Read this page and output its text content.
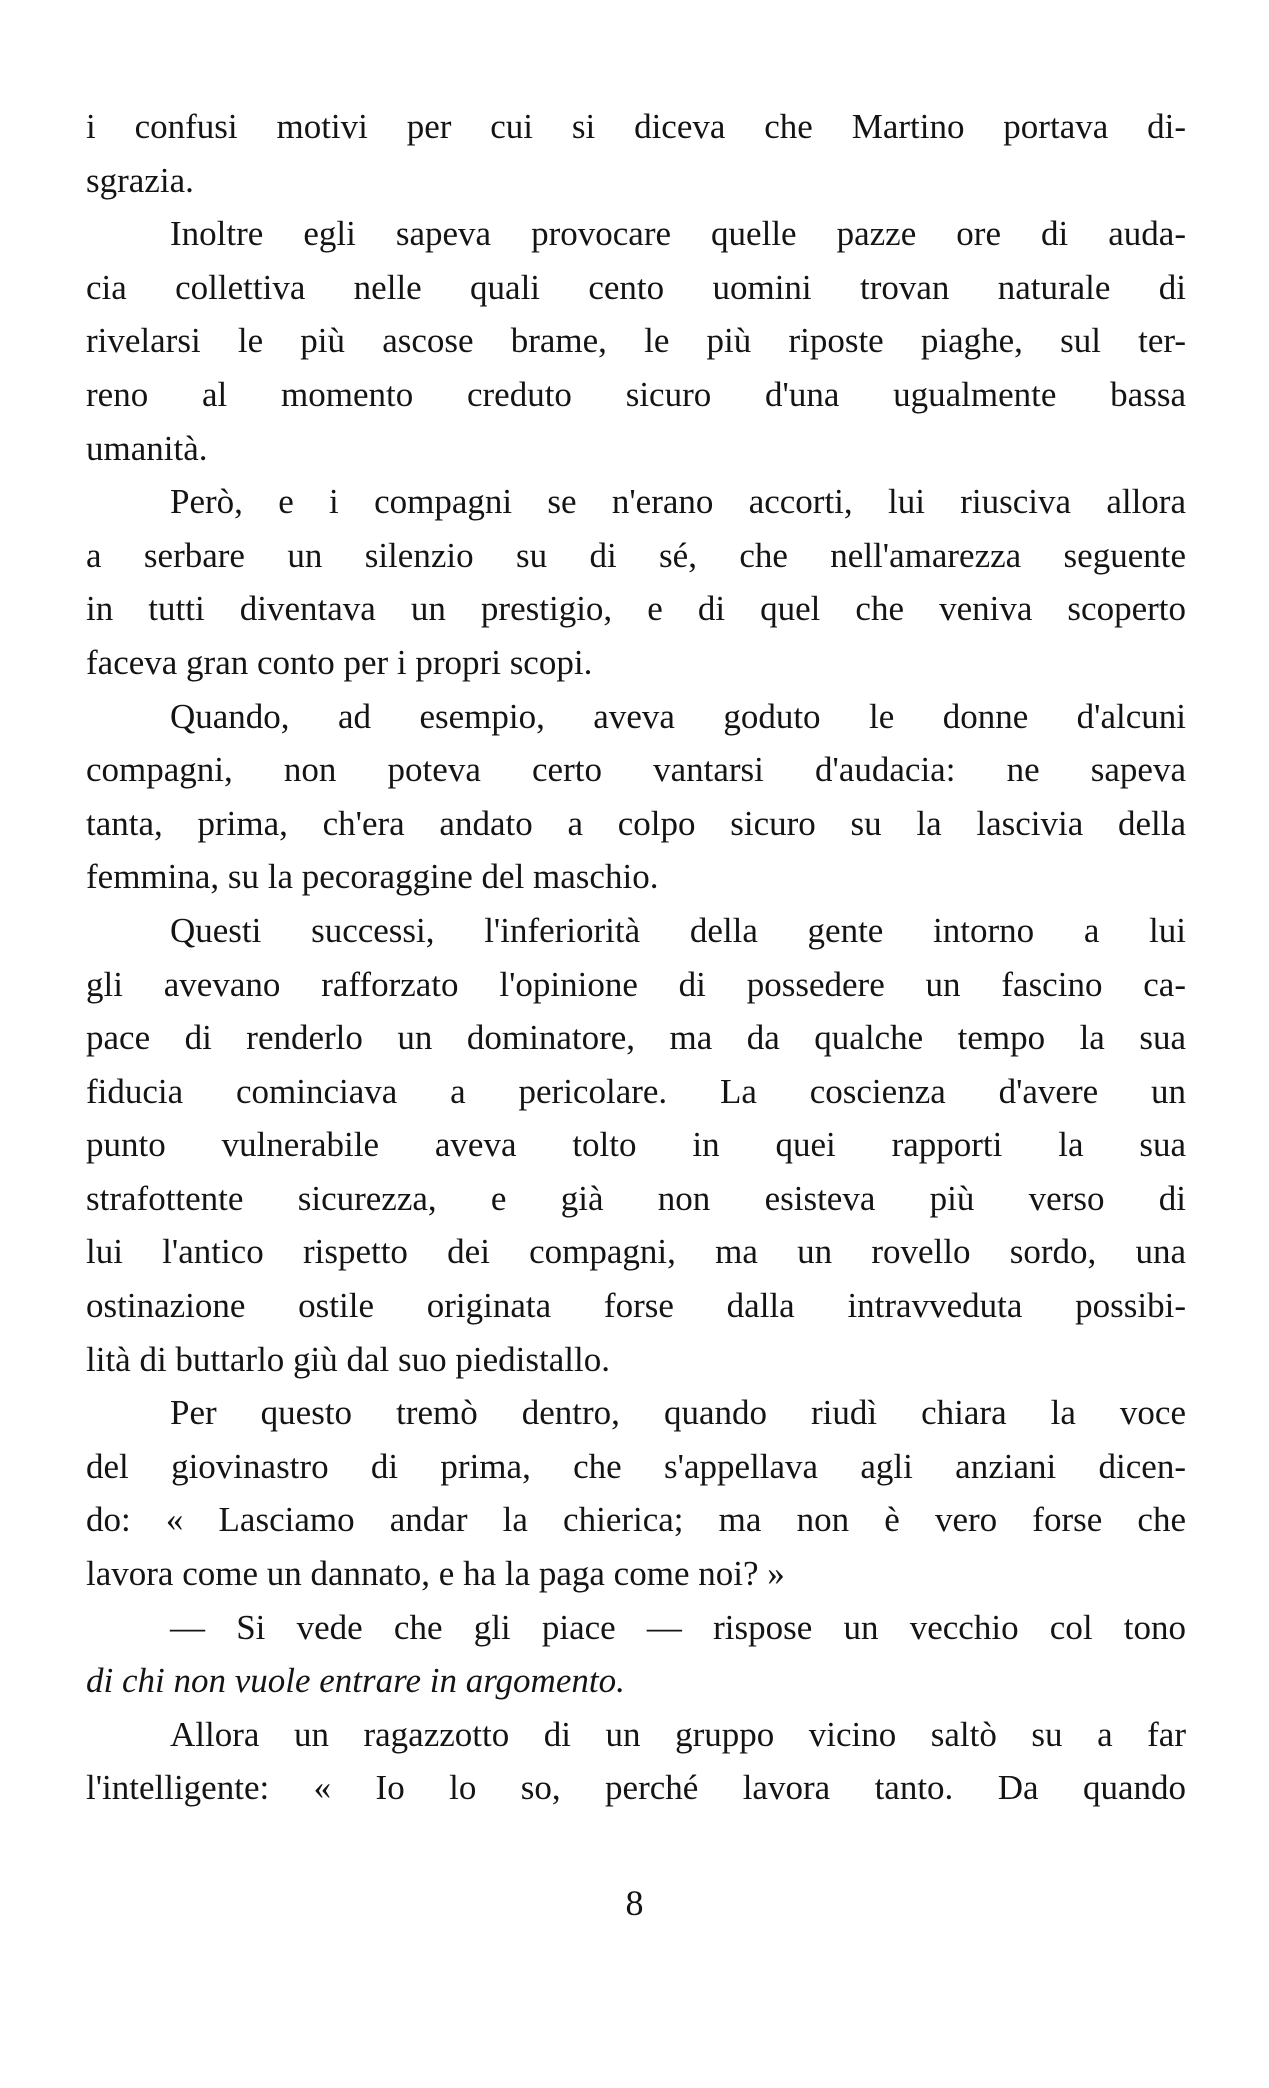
i confusi motivi per cui si diceva che Martino portava di-
sgrazia.
Inoltre egli sapeva provocare quelle pazze ore di auda-
cia collettiva nelle quali cento uomini trovan naturale di
rivelarsi le più ascose brame, le più riposte piaghe, sul ter-
reno al momento creduto sicuro d'una ugualmente bassa
umanità.
Però, e i compagni se n'erano accorti, lui riusciva allora
a serbare un silenzio su di sé, che nell'amarezza seguente
in tutti diventava un prestigio, e di quel che veniva scoperto
faceva gran conto per i propri scopi.
Quando, ad esempio, aveva goduto le donne d'alcuni
compagni, non poteva certo vantarsi d'audacia: ne sapeva
tanta, prima, ch'era andato a colpo sicuro su la lascivia della
femmina, su la pecoraggine del maschio.
Questi successi, l'inferiorità della gente intorno a lui
gli avevano rafforzato l'opinione di possedere un fascino ca-
pace di renderlo un dominatore, ma da qualche tempo la sua
fiducia cominciava a pericolare. La coscienza d'avere un
punto vulnerabile aveva tolto in quei rapporti la sua
strafottente sicurezza, e già non esisteva più verso di
lui l'antico rispetto dei compagni, ma un rovello sordo, una
ostinazione ostile originata forse dalla intravveduta possibi-
lità di buttarlo giù dal suo piedistallo.
Per questo tremò dentro, quando riudì chiara la voce
del giovinastro di prima, che s'appellava agli anziani dicen-
do: « Lasciamo andar la chierica; ma non è vero forse che
lavora come un dannato, e ha la paga come noi? »
— Si vede che gli piace — rispose un vecchio col tono
di chi non vuole entrare in argomento.
Allora un ragazzotto di un gruppo vicino saltò su a far
l'intelligente: « Io lo so, perché lavora tanto. Da quando
8
